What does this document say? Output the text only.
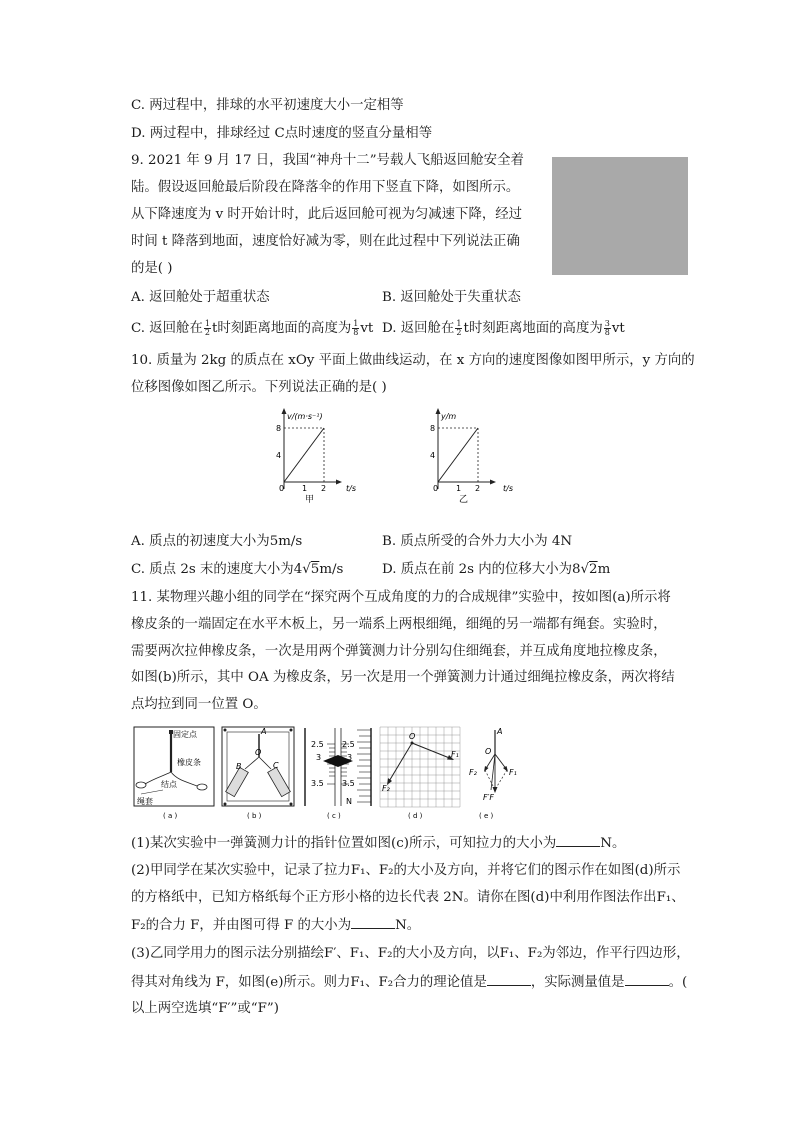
C. 两过程中，排球的水平初速度大小一定相等
D. 两过程中，排球经过 C点时速度的竖直分量相等
9. 2021 年 9 月 17 日，我国“神舟十二”号载人飞船返回舱安全着
陆。假设返回舱最后阶段在降落伞的作用下竖直下降，如图所示。
从下降速度为 v 时开始计时，此后返回舱可视为匀减速下降，经过
时间 t 降落到地面，速度恰好减为零，则在此过程中下列说法正确
的是( )
A. 返回舱处于超重状态	B. 返回舱处于失重状态
C. 返回舱在 $\frac{1}{2}$ t时刻距离地面的高度为 $\frac{1}{8}$ vt D. 返回舱在 $\frac{1}{2}$ t时刻距离地面的高度为 $\frac{3}{8}$ vt
10. 质量为 2kg 的质点在 xOy 平面上做曲线运动，在 x 方向的速度图像如图甲所示，y 方向的
位移图像如图乙所示。下列说法正确的是( )
v/(m·s⁻¹)
8
4
0 1 2 t/s
甲
y/m
8
4
0 1 2	t/s
乙
A. 质点的初速度大小为5m/s	B. 质点所受的合外力大小为 4N
C. 质点 2s 末的速度大小为4√5m/s	D. 质点在前 2s 内的位移大小为8√2m
11. 某物理兴趣小组的同学在“探究两个互成角度的力的合成规律”实验中，按如图(a)所示将
橡皮条的一端固定在水平木板上，另一端系上两根细绳，细绳的另一端都有绳套。实验时，
需要两次拉伸橡皮条，一次是用两个弹簧测力计分别勾住细绳套，并互成角度地拉橡皮条，
如图(b)所示，其中 OA 为橡皮条，另一次是用一个弹簧测力计通过细绳拉橡皮条，两次将结
点均拉到同一位置 O。
固定点
橡皮条
结点
绳套
( a )
A
O
B	C
( b )
2.5 2.5
3	3
3.5 3.5
N
( c )
O
F₁
F₂
( d )
A
O
F₁
F₂
F′F
( e )
(1)某次实验中一弹簧测力计的指针位置如图(c)所示，可知拉力的大小为	N。
(2)甲同学在某次实验中，记录了拉力F₁、F₂的大小及方向，并将它们的图示作在如图(d)所示
的方格纸中，已知方格纸每个正方形小格的边长代表 2N。请你在图(d)中利用作图法作出F₁、
F₂的合力 F，并由图可得 F 的大小为	N。
(3)乙同学用力的图示法分别描绘F′、F₁、F₂的大小及方向，以F₁、F₂为邻边，作平行四边形，
得其对角线为 F，如图(e)所示。则力F₁、F₂合力的理论值是	，实际测量值是	。(
以上两空选填“F′”或“F”)
